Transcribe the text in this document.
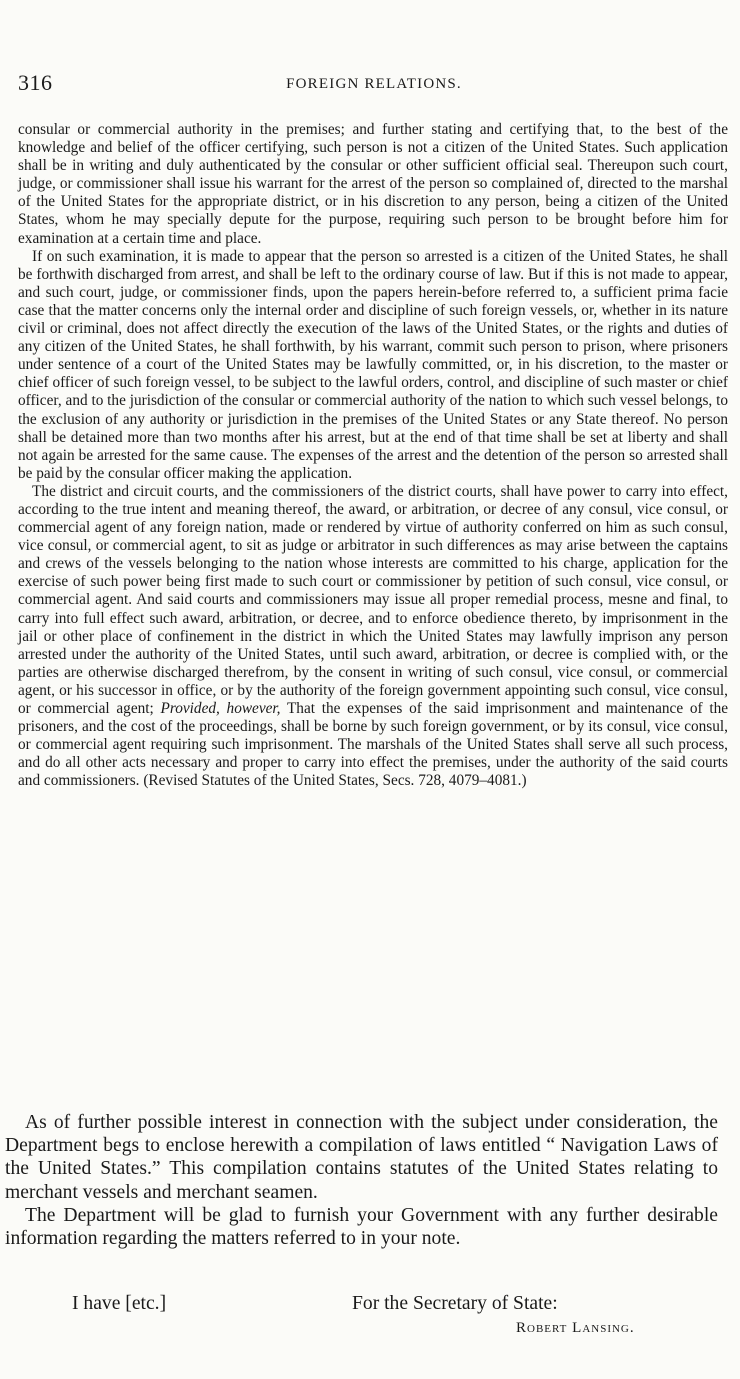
316	FOREIGN RELATIONS.

consular or commercial authority in the premises; and further stating and certifying that, to the best of the knowledge and belief of the officer certifying, such person is not a citizen of the United States. Such application shall be in writing and duly authenticated by the consular or other sufficient official seal. Thereupon such court, judge, or commissioner shall issue his warrant for the arrest of the person so complained of, directed to the marshal of the United States for the appropriate district, or in his discretion to any person, being a citizen of the United States, whom he may specially depute for the purpose, requiring such person to be brought before him for examination at a certain time and place.

If on such examination, it is made to appear that the person so arrested is a citizen of the United States, he shall be forthwith discharged from arrest, and shall be left to the ordinary course of law. But if this is not made to appear, and such court, judge, or commissioner finds, upon the papers herein-before referred to, a sufficient prima facie case that the matter concerns only the internal order and discipline of such foreign vessels, or, whether in its nature civil or criminal, does not affect directly the execution of the laws of the United States, or the rights and duties of any citizen of the United States, he shall forthwith, by his warrant, commit such person to prison, where prisoners under sentence of a court of the United States may be lawfully committed, or, in his discretion, to the master or chief officer of such foreign vessel, to be subject to the lawful orders, control, and discipline of such master or chief officer, and to the jurisdiction of the consular or commercial authority of the nation to which such vessel belongs, to the exclusion of any authority or jurisdiction in the premises of the United States or any State thereof. No person shall be detained more than two months after his arrest, but at the end of that time shall be set at liberty and shall not again be arrested for the same cause. The expenses of the arrest and the detention of the person so arrested shall be paid by the consular officer making the application.

The district and circuit courts, and the commissioners of the district courts, shall have power to carry into effect, according to the true intent and meaning thereof, the award, or arbitration, or decree of any consul, vice consul, or commercial agent of any foreign nation, made or rendered by virtue of authority conferred on him as such consul, vice consul, or commercial agent, to sit as judge or arbitrator in such differences as may arise between the captains and crews of the vessels belonging to the nation whose interests are committed to his charge, application for the exercise of such power being first made to such court or commissioner by petition of such consul, vice consul, or commercial agent. And said courts and commissioners may issue all proper remedial process, mesne and final, to carry into full effect such award, arbitration, or decree, and to enforce obedience thereto, by imprisonment in the jail or other place of confinement in the district in which the United States may lawfully imprison any person arrested under the authority of the United States, until such award, arbitration, or decree is complied with, or the parties are otherwise discharged therefrom, by the consent in writing of such consul, vice consul, or commercial agent, or his successor in office, or by the authority of the foreign government appointing such consul, vice consul, or commercial agent; Provided, however, That the expenses of the said imprisonment and maintenance of the prisoners, and the cost of the proceedings, shall be borne by such foreign government, or by its consul, vice consul, or commercial agent requiring such imprisonment. The marshals of the United States shall serve all such process, and do all other acts necessary and proper to carry into effect the premises, under the authority of the said courts and commissioners. (Revised Statutes of the United States, Secs. 728, 4079–4081.)

As of further possible interest in connection with the subject under consideration, the Department begs to enclose herewith a compilation of laws entitled “ Navigation Laws of the United States.” This compilation contains statutes of the United States relating to merchant vessels and merchant seamen.

The Department will be glad to furnish your Government with any further desirable information regarding the matters referred to in your note.

I have [etc.]	For the Secretary of State:
Robert Lansing.
